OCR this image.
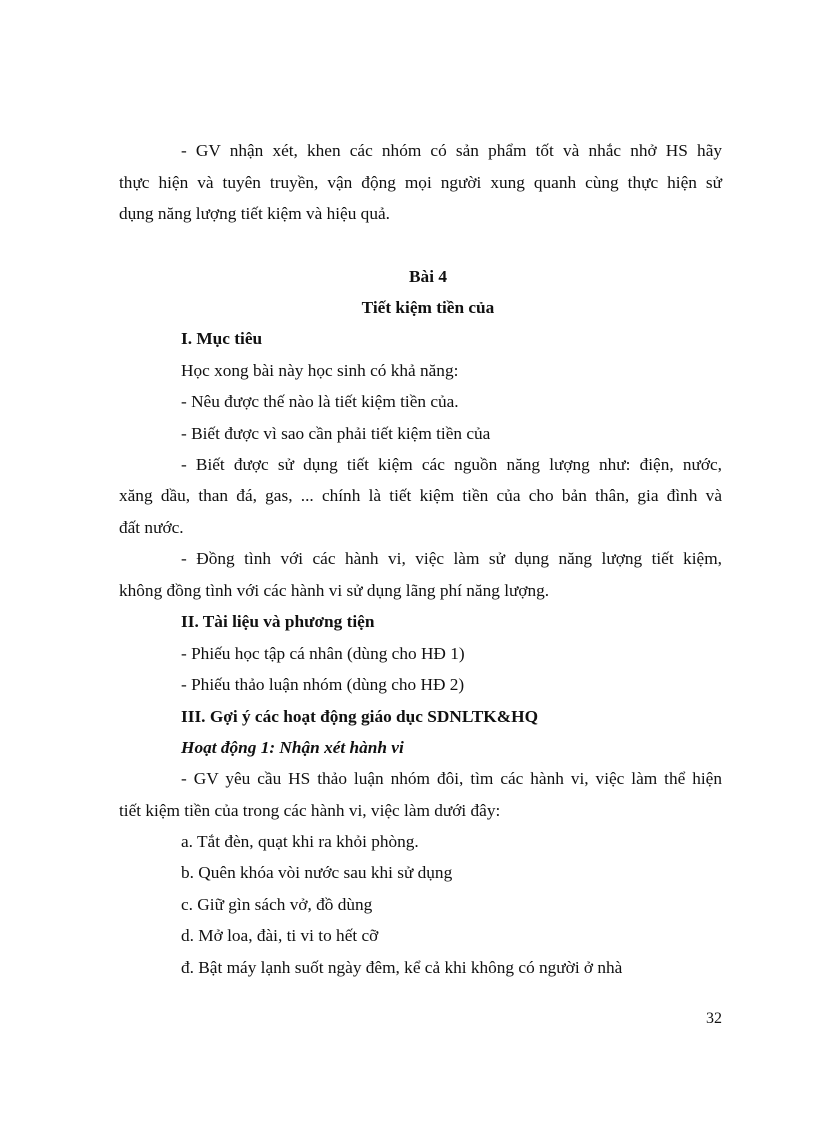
- GV nhận xét, khen các nhóm có sản phẩm tốt và nhắc nhở HS hãy
thực hiện và tuyên truyền, vận động mọi người xung quanh cùng thực hiện sử
dụng năng lượng tiết kiệm và hiệu quả.
Bài 4
Tiết kiệm tiền của
I. Mục tiêu
Học xong bài này học sinh có khả năng:
- Nêu được thế nào là tiết kiệm tiền của.
- Biết được vì sao cần phải tiết kiệm tiền của
- Biết được sử dụng tiết kiệm các nguồn năng lượng như: điện, nước,
xăng dầu, than đá, gas, ... chính là tiết kiệm tiền của cho bản thân, gia đình và
đất nước.
- Đồng tình với các hành vi, việc làm sử dụng năng lượng tiết kiệm,
không đồng tình với các hành vi sử dụng lãng phí năng lượng.
II. Tài liệu và phương tiện
- Phiếu học tập cá nhân (dùng cho HĐ 1)
- Phiếu thảo luận nhóm (dùng cho HĐ 2)
III. Gợi ý các hoạt động giáo dục SDNLTK&HQ
Hoạt động 1: Nhận xét hành vi
- GV yêu cầu HS thảo luận nhóm đôi, tìm các hành vi, việc làm thể hiện
tiết kiệm tiền của trong các hành vi, việc làm dưới đây:
a. Tắt đèn, quạt khi ra khỏi phòng.
b. Quên khóa vòi nước sau khi sử dụng
c. Giữ gìn sách vở, đồ dùng
d. Mở loa, đài, ti vi to hết cỡ
đ. Bật máy lạnh suốt ngày đêm, kể cả khi không có người ở nhà
32
